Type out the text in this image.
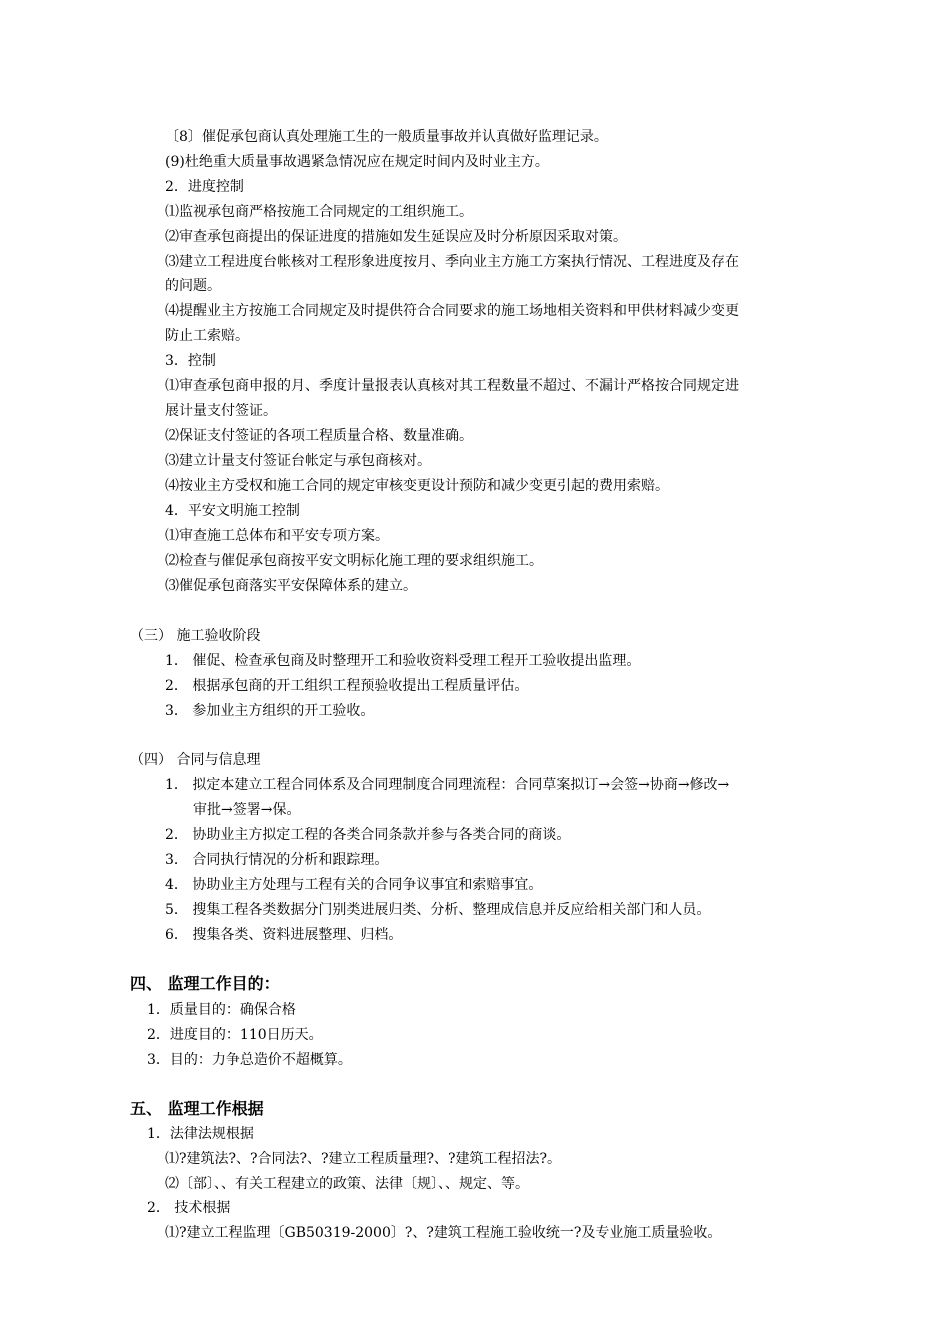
〔8〕催促承包商认真处理施工生的一般质量事故并认真做好监理记录。
(9)杜绝重大质量事故遇紧急情况应在规定时间内及时业主方。
2．进度控制
⑴监视承包商严格按施工合同规定的工组织施工。
⑵审查承包商提出的保证进度的措施如发生延误应及时分析原因采取对策。
⑶建立工程进度台帐核对工程形象进度按月、季向业主方施工方案执行情况、工程进度及存在
的问题。
⑷提醒业主方按施工合同规定及时提供符合合同要求的施工场地相关资料和甲供材料减少变更
防止工索赔。
3．控制
⑴审查承包商申报的月、季度计量报表认真核对其工程数量不超过、不漏计严格按合同规定进
展计量支付签证。
⑵保证支付签证的各项工程质量合格、数量准确。
⑶建立计量支付签证台帐定与承包商核对。
⑷按业主方受权和施工合同的规定审核变更设计预防和减少变更引起的费用索赔。
4．平安文明施工控制
⑴审查施工总体布和平安专项方案。
⑵检查与催促承包商按平安文明标化施工理的要求组织施工。
⑶催促承包商落实平安保障体系的建立。
（三） 施工验收阶段
1． 催促、检查承包商及时整理开工和验收资料受理工程开工验收提出监理。
2． 根据承包商的开工组织工程预验收提出工程质量评估。
3． 参加业主方组织的开工验收。
（四） 合同与信息理
1． 拟定本建立工程合同体系及合同理制度合同理流程：合同草案拟订→会签→协商→修改→
审批→签署→保。
2． 协助业主方拟定工程的各类合同条款并参与各类合同的商谈。
3． 合同执行情况的分析和跟踪理。
4． 协助业主方处理与工程有关的合同争议事宜和索赔事宜。
5． 搜集工程各类数据分门别类进展归类、分析、整理成信息并反应给相关部门和人员。
6． 搜集各类、资料进展整理、归档。
四、 监理工作目的：
1．质量目的：确保合格
2．进度目的：110日历天。
3．目的：力争总造价不超概算。
五、 监理工作根据
1．法律法规根据
⑴?建筑法?、?合同法?、?建立工程质量理?、?建筑工程招法?。
⑵〔部〕、、有关工程建立的政策、法律〔规〕、、规定、等。
2． 技术根据
⑴?建立工程监理〔GB50319-2000〕?、?建筑工程施工验收统一?及专业施工质量验收。
